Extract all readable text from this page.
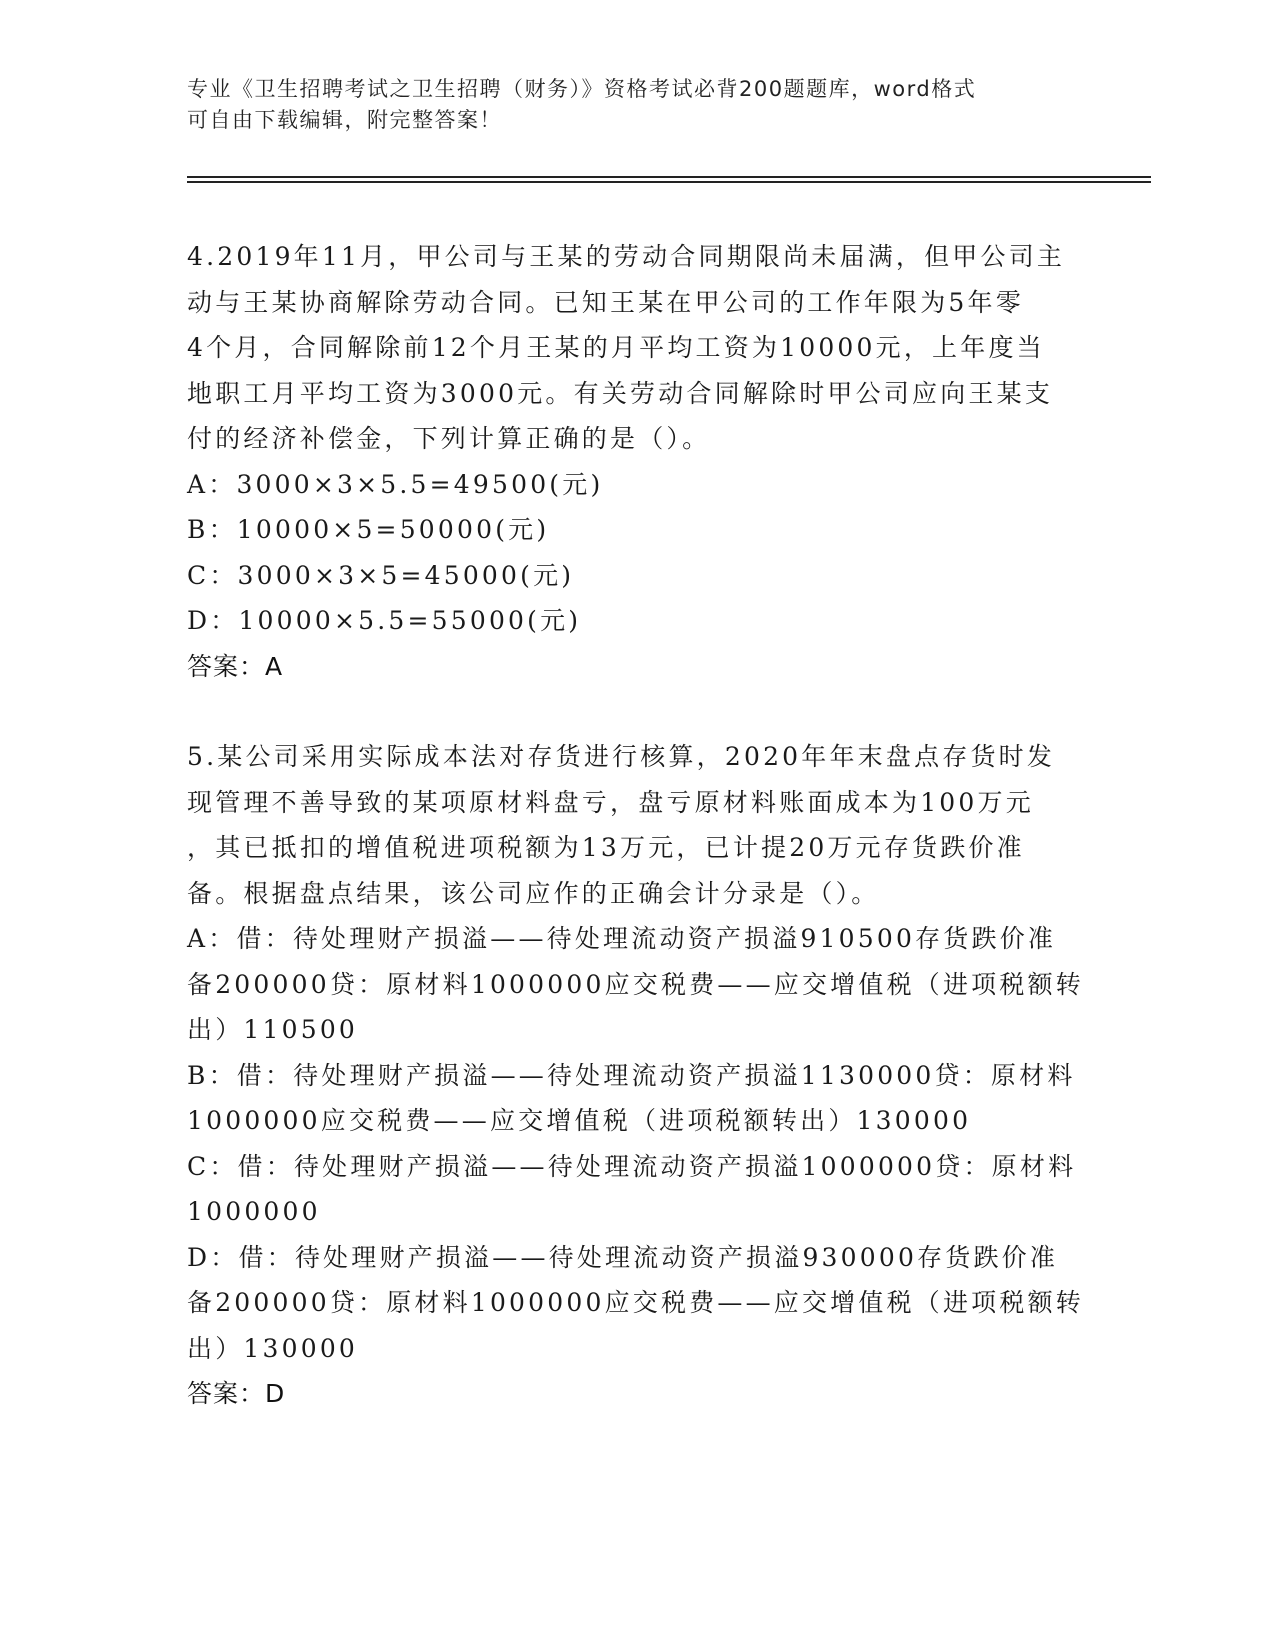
专业《卫生招聘考试之卫生招聘（财务）》资格考试必背200题题库，word格式
可自由下载编辑，附完整答案！

4.2019年11月，甲公司与王某的劳动合同期限尚未届满，但甲公司主

动与王某协商解除劳动合同。已知王某在甲公司的工作年限为5年零

4个月，合同解除前12个月王某的月平均工资为10000元，上年度当

地职工月平均工资为3000元。有关劳动合同解除时甲公司应向王某支

付的经济补偿金，下列计算正确的是（）。

A：3000×3×5.5=49500(元)

B：10000×5=50000(元)

C：3000×3×5=45000(元)

D：10000×5.5=55000(元)

答案：A

5.某公司采用实际成本法对存货进行核算，2020年年末盘点存货时发

现管理不善导致的某项原材料盘亏，盘亏原材料账面成本为100万元

，其已抵扣的增值税进项税额为13万元，已计提20万元存货跌价准

备。根据盘点结果，该公司应作的正确会计分录是（）。

A：借：待处理财产损溢——待处理流动资产损溢910500存货跌价准

备200000贷：原材料1000000应交税费——应交增值税（进项税额转

出）110500

B：借：待处理财产损溢——待处理流动资产损溢1130000贷：原材料

1000000应交税费——应交增值税（进项税额转出）130000

C：借：待处理财产损溢——待处理流动资产损溢1000000贷：原材料

1000000

D：借：待处理财产损溢——待处理流动资产损溢930000存货跌价准

备200000贷：原材料1000000应交税费——应交增值税（进项税额转

出）130000

答案：D
